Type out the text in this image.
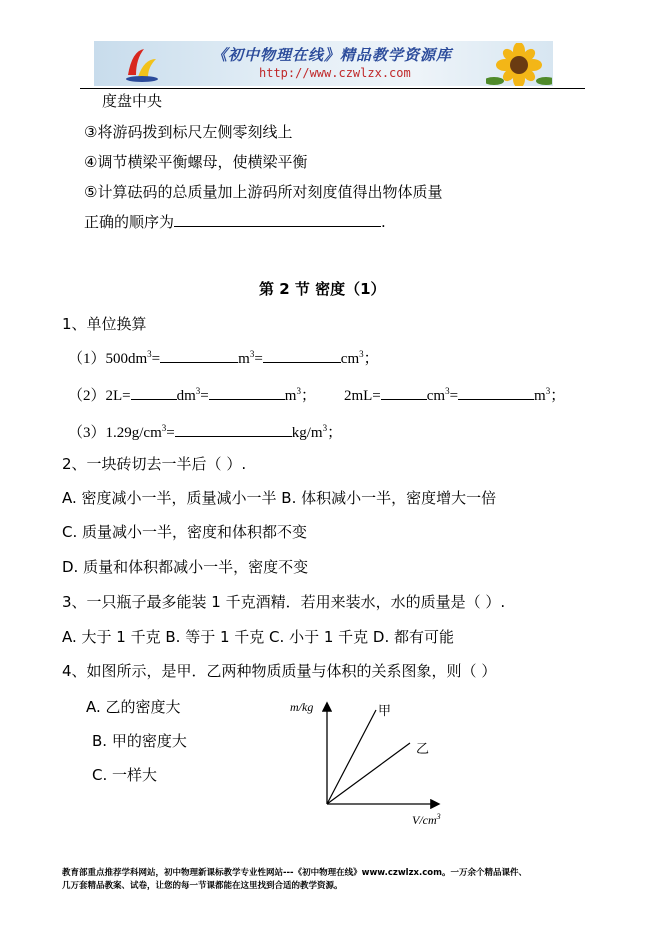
《初中物理在线》精品教学资源库
http://www.czwlzx.com
度盘中央
③将游码拨到标尺左侧零刻线上
④调节横梁平衡螺母，使横梁平衡
⑤计算砝码的总质量加上游码所对刻度值得出物体质量
正确的顺序为	.
第 2 节 密度（1）
1、单位换算
$(1)500dm^3=$	$m^3=$	$cm^3$；
（2）2L=	$dm^3=$	$m^3$； 2mL=	$cm^3=$	$m^3$；
$(3)1.29g/cm^3=$	$kg/m^3$；
2、一块砖切去一半后（ ）.
A. 密度减小一半，质量减小一半 B. 体积减小一半，密度增大一倍
C. 质量减小一半，密度和体积都不变
D. 质量和体积都减小一半，密度不变
3、一只瓶子最多能装 1 千克酒精．若用来装水，水的质量是（ ）.
A. 大于 1 千克 B. 等于 1 千克 C. 小于 1 千克 D. 都有可能
4、如图所示，是甲．乙两种物质质量与体积的关系图象，则（ ）
A. 乙的密度大
B. 甲的密度大
C. 一样大
m/kg	甲
乙
$V/cm^3$
教育部重点推荐学科网站，初中物理新课标教学专业性网站---《初中物理在线》www.czwlzx.com。一万余个精品课件、
几万套精品教案、试卷，让您的每一节课都能在这里找到合适的教学资源。
